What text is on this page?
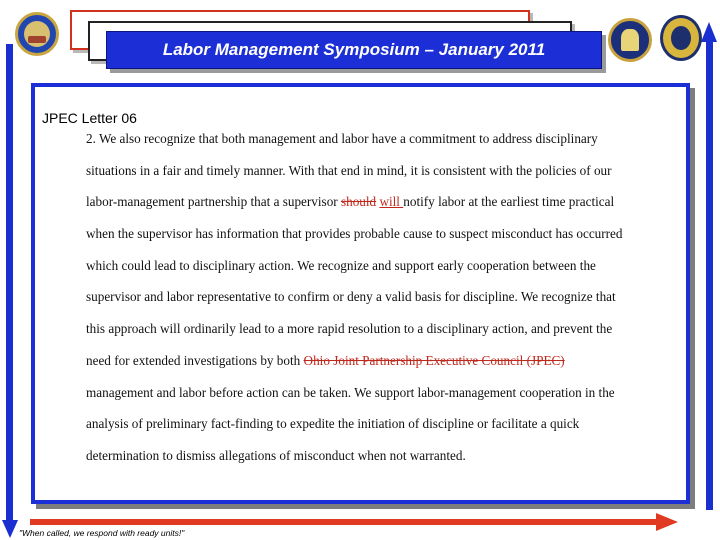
Labor Management Symposium – January 2011
JPEC Letter 06
2. We also recognize that both management and labor have a commitment to address disciplinary
situations in a fair and timely manner. With that end in mind, it is consistent with the policies of our
labor-management partnership that a supervisor should will notify labor at the earliest time practical
when the supervisor has information that provides probable cause to suspect misconduct has occurred
which could lead to disciplinary action. We recognize and support early cooperation between the
supervisor and labor representative to confirm or deny a valid basis for discipline. We recognize that
this approach will ordinarily lead to a more rapid resolution to a disciplinary action, and prevent the
need for extended investigations by both Ohio Joint Partnership Executive Council (JPEC)
management and labor before action can be taken. We support labor-management cooperation in the
analysis of preliminary fact-finding to expedite the initiation of discipline or facilitate a quick
determination to dismiss allegations of misconduct when not warranted.
"When called, we respond with ready units!"
